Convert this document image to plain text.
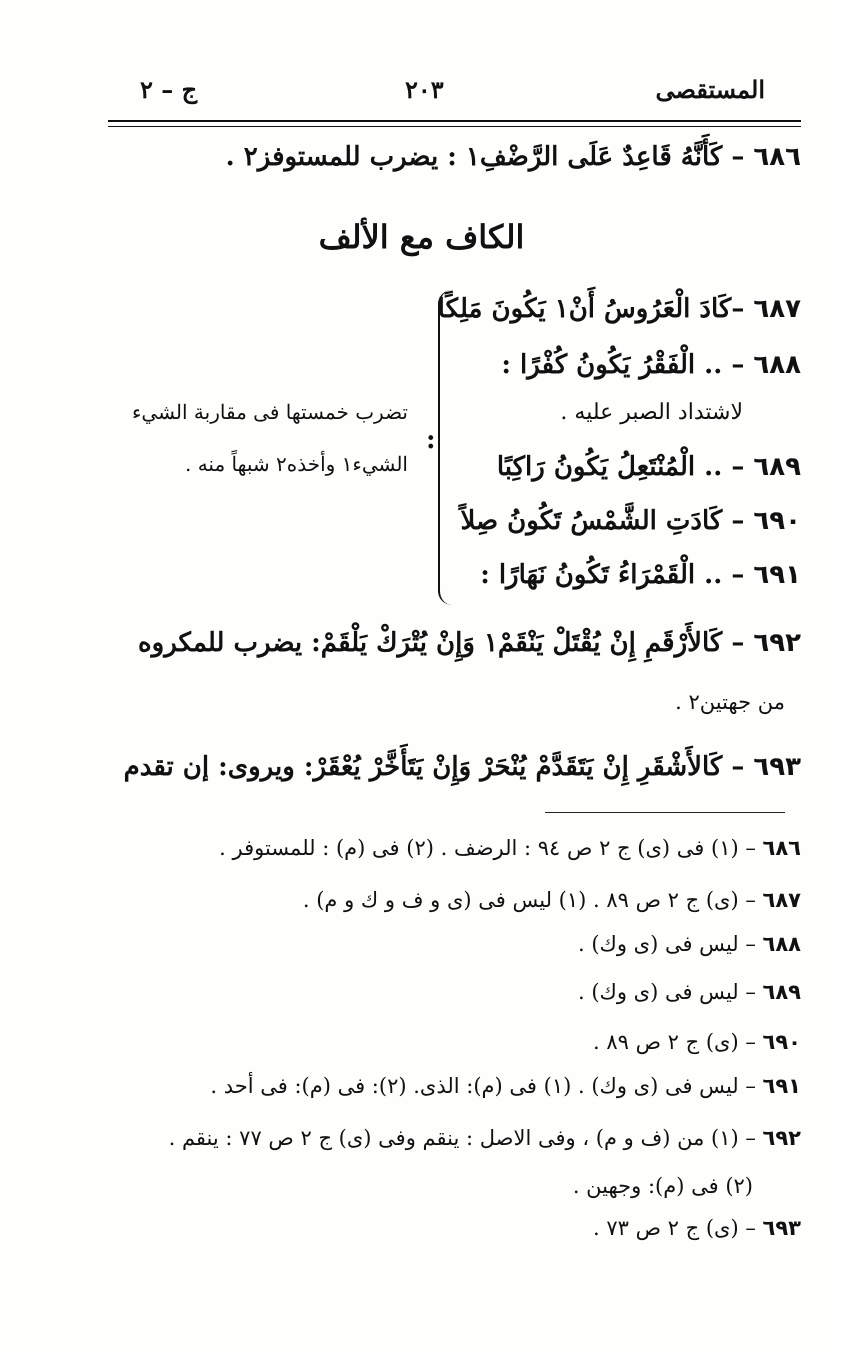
المستقصى
٢٠٣
ج – ٢
٦٨٦ – كَأَنَّهُ قَاعِدٌ عَلَى الرَّضْفِ١ : يضرب للمستوفز٢ .
الكاف مع الألف
٦٨٧ –كَادَ الْعَرُوسُ أَنْ١ يَكُونَ مَلِكًا
٦٨٨ – .. الْفَقْرُ يَكُونُ كُفْرًا :
لاشتداد الصبر عليه .
٦٨٩ – .. الْمُنْتَعِلُ يَكُونُ رَاكِبًا
٦٩٠ – كَادَتِ الشَّمْسُ تَكُونُ صِلاً
٦٩١ – .. الْقَمْرَاءُ تَكُونُ نَهَارًا :
:
تضرب خمستها فى مقاربة الشيء
الشيء١ وأخذه٢ شبهاً منه .
٦٩٢ – كَالأَرْقَمِ إِنْ يُقْتَلْ يَنْقَمْ١ وَإِنْ يُتْرَكْ يَلْقَمْ: يضرب للمكروه
من جهتين٢ .
٦٩٣ – كَالأَشْقَرِ إِنْ يَتَقَدَّمْ يُنْحَرْ وَإِنْ يَتَأَخَّرْ يُعْقَرْ: ويروى: إن تقدم
٦٨٦ – (١) فى (ى) ج ٢ ص ٩٤ : الرضف . (٢) فى (م) : للمستوفر .
٦٨٧ – (ى) ج ٢ ص ٨٩ . (١) ليس فى (ى و ف و ك و م) .
٦٨٨ – ليس فى (ى وك) .
٦٨٩ – ليس فى (ى وك) .
٦٩٠ – (ى) ج ٢ ص ٨٩ .
٦٩١ – ليس فى (ى وك) . (١) فى (م): الذى. (٢): فى (م): فى أحد .
٦٩٢ – (١) من (ف و م) ، وفى الاصل : ينقم وفى (ى) ج ٢ ص ٧٧ : ينقم .
(٢) فى (م): وجهين .
٦٩٣ – (ى) ج ٢ ص ٧٣ .
